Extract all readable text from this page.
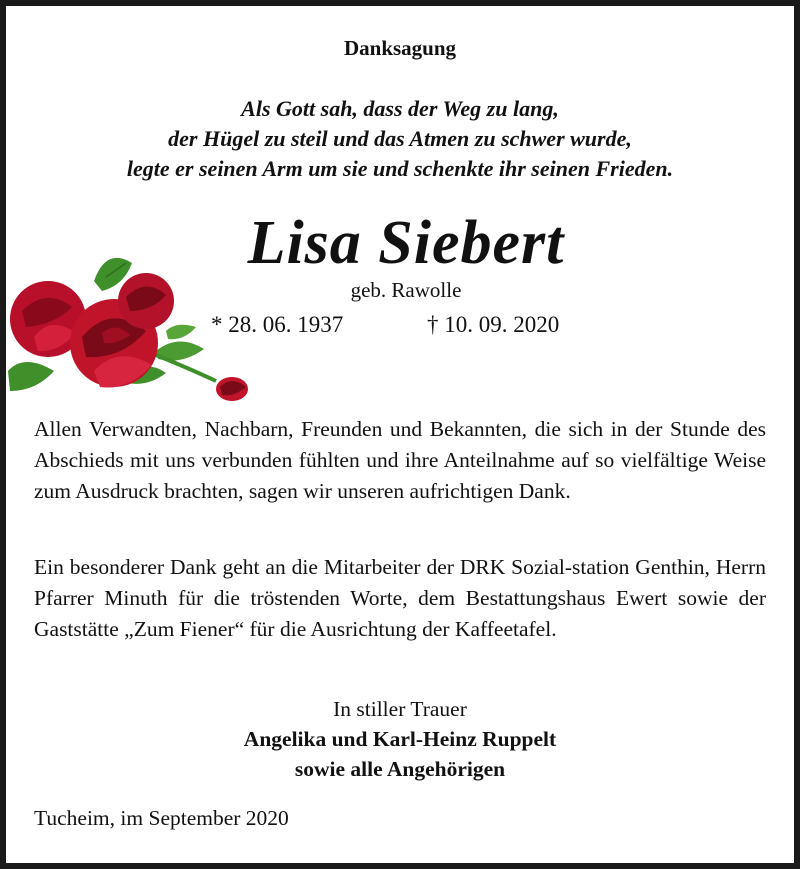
Danksagung
Als Gott sah, dass der Weg zu lang,
der Hügel zu steil und das Atmen zu schwer wurde,
legte er seinen Arm um sie und schenkte ihr seinen Frieden.
Lisa Siebert
geb. Rawolle
* 28. 06. 1937	† 10. 09. 2020
Allen Verwandten, Nachbarn, Freunden und Bekannten, die sich in der Stunde des Abschieds mit uns verbunden fühlten und ihre Anteilnahme auf so vielfältige Weise zum Ausdruck brachten, sagen wir unseren aufrichtigen Dank.
Ein besonderer Dank geht an die Mitarbeiter der DRK Sozial-station Genthin, Herrn Pfarrer Minuth für die tröstenden Worte, dem Bestattungshaus Ewert sowie der Gaststätte „Zum Fiener“ für die Ausrichtung der Kaffeetafel.
In stiller Trauer
Angelika und Karl-Heinz Ruppelt
sowie alle Angehörigen
Tucheim, im September 2020
